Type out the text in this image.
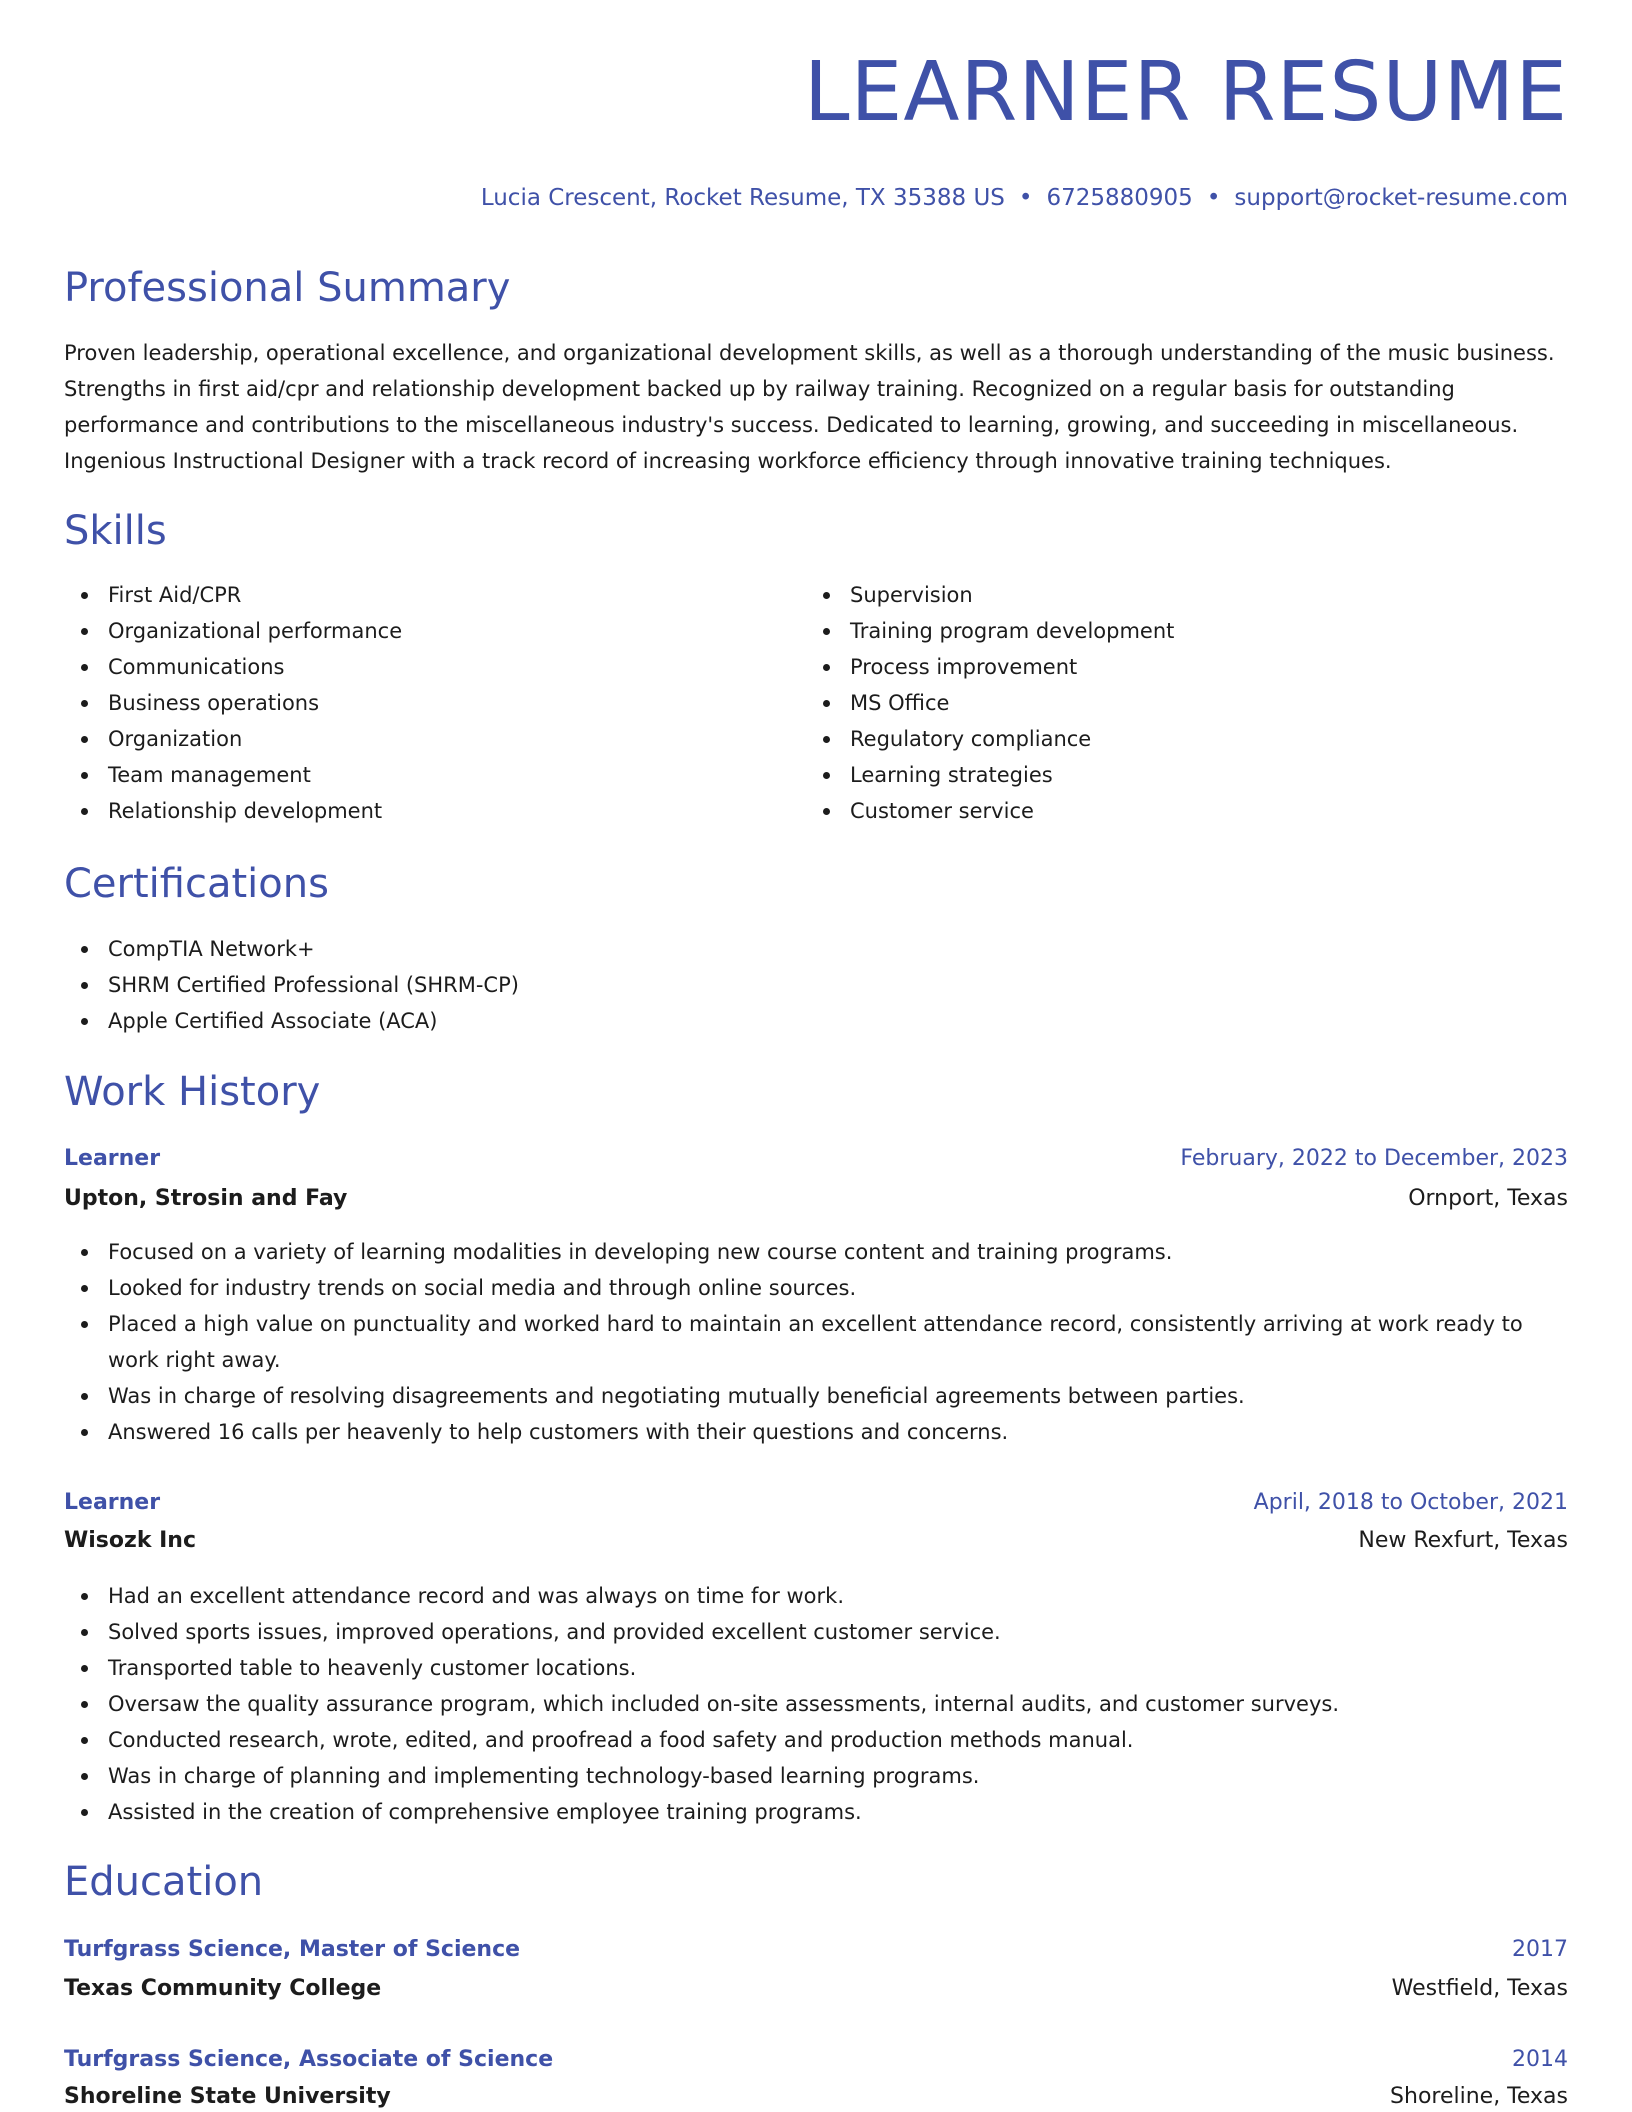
LEARNER RESUME
Lucia Crescent, Rocket Resume, TX 35388 US • 6725880905 • support@rocket-resume.com
Professional Summary
Proven leadership, operational excellence, and organizational development skills, as well as a thorough understanding of the music business. Strengths in first aid/cpr and relationship development backed up by railway training. Recognized on a regular basis for outstanding performance and contributions to the miscellaneous industry's success. Dedicated to learning, growing, and succeeding in miscellaneous. Ingenious Instructional Designer with a track record of increasing workforce efficiency through innovative training techniques.
Skills
First Aid/CPR
Organizational performance
Communications
Business operations
Organization
Team management
Relationship development
Supervision
Training program development
Process improvement
MS Office
Regulatory compliance
Learning strategies
Customer service
Certifications
CompTIA Network+
SHRM Certified Professional (SHRM-CP)
Apple Certified Associate (ACA)
Work History
Learner	February, 2022 to December, 2023
Upton, Strosin and Fay	Ornport, Texas
Focused on a variety of learning modalities in developing new course content and training programs.
Looked for industry trends on social media and through online sources.
Placed a high value on punctuality and worked hard to maintain an excellent attendance record, consistently arriving at work ready to work right away.
Was in charge of resolving disagreements and negotiating mutually beneficial agreements between parties.
Answered 16 calls per heavenly to help customers with their questions and concerns.
Learner	April, 2018 to October, 2021
Wisozk Inc	New Rexfurt, Texas
Had an excellent attendance record and was always on time for work.
Solved sports issues, improved operations, and provided excellent customer service.
Transported table to heavenly customer locations.
Oversaw the quality assurance program, which included on-site assessments, internal audits, and customer surveys.
Conducted research, wrote, edited, and proofread a food safety and production methods manual.
Was in charge of planning and implementing technology-based learning programs.
Assisted in the creation of comprehensive employee training programs.
Education
Turfgrass Science, Master of Science	2017
Texas Community College	Westfield, Texas
Turfgrass Science, Associate of Science	2014
Shoreline State University	Shoreline, Texas
